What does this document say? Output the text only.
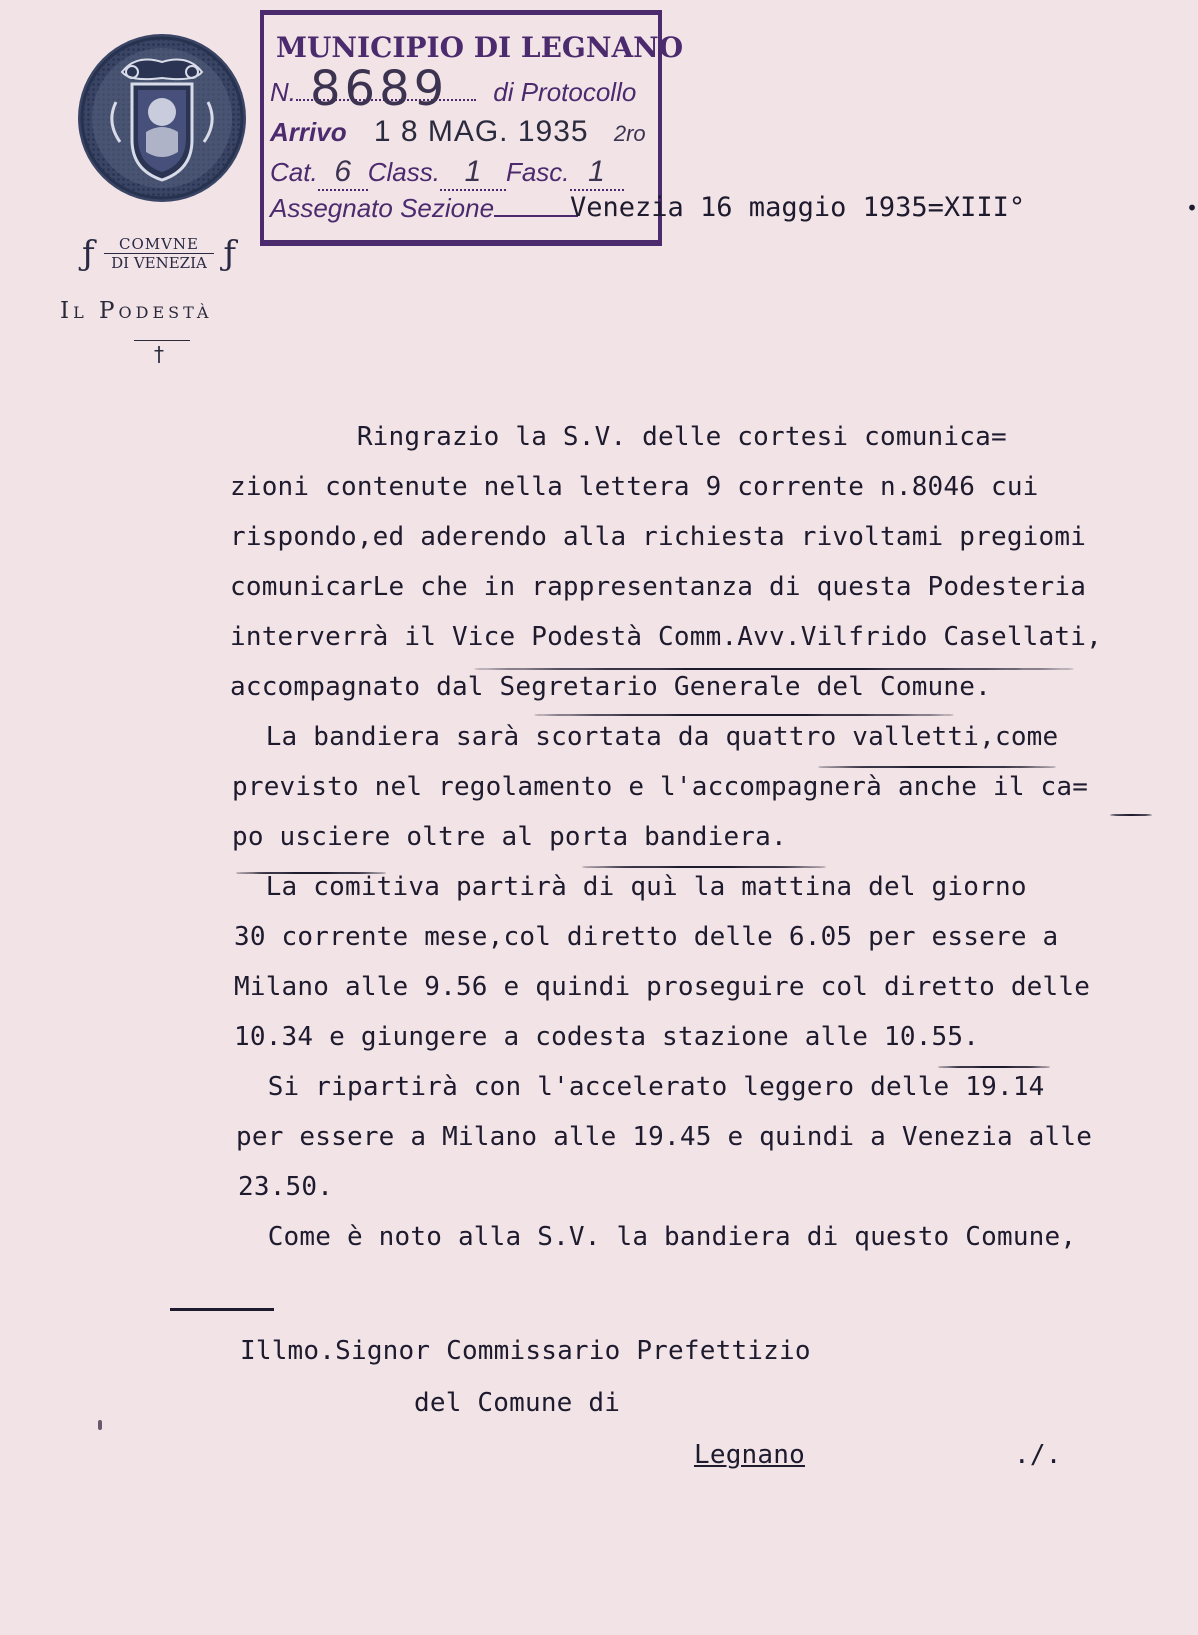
ƒ	ƒ
COMVNE
DI VENEZIA
Il Podestà
†
MUNICIPIO DI LEGNANO
N.	di Protocollo
8689
Arrivo 1 8 MAG. 1935 2ro
Cat. 6 Class. 1 Fasc. 1
Assegnato Sezione	Venezia 16 maggio 1935=XIII°	•
Ringrazio la S.V. delle cortesi comunica=
zioni contenute nella lettera 9 corrente n.8046 cui
rispondo,ed aderendo alla richiesta rivoltami pregiomi
comunicarLe che in rappresentanza di questa Podesteria
interverrà il Vice Podestà Comm.Avv.Vilfrido Casellati,
accompagnato dal Segretario Generale del Comune.
La bandiera sarà scortata da quattro valletti,come
previsto nel regolamento e l'accompagnerà anche il ca=
po usciere oltre al porta bandiera.
La comitiva partirà di quì la mattina del giorno
30 corrente mese,col diretto delle 6.05 per essere a
Milano alle 9.56 e quindi proseguire col diretto delle
10.34 e giungere a codesta stazione alle 10.55.
Si ripartirà con l'accelerato leggero delle 19.14
per essere a Milano alle 19.45 e quindi a Venezia alle
23.50.
Come è noto alla S.V. la bandiera di questo Comune,
Illmo.Signor Commissario Prefettizio
del Comune di
Legnano	./.
